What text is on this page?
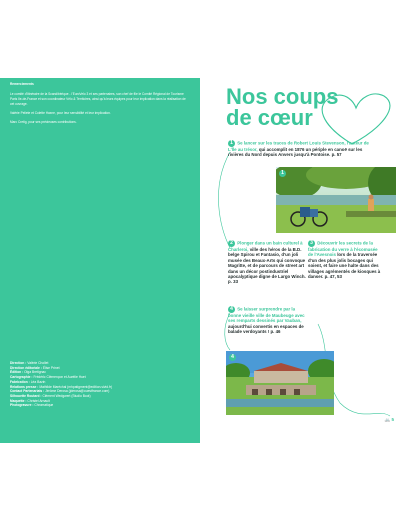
Remerciements

Le comité d'Itinéraire de la Scandibérique - l'EuroVelo 3 et ses partenaires, son chef de file le Comité Régional de Tourisme Paris Ile-de-France et son coordinateur Vélo & Territoires, ainsi qu'à leurs équipes pour leur implication dans la réalisation de cet ouvrage.

Valérie Peliete et Colette Haxne, pour leur sensibilité et leur implication.

Marc Cretig, pour ses précieuses contributions.

Direction : Valérie Chollet
Direction éditoriale : Élise Prinet
Édition : Olga Bretignac
Cartographie : Frédéric Clémençon et Aurélie Huet
Fabrication : Léa Bazin
Relations presse : Mathilde Maréchal (mhpatigment@edition-vivid.fr)
Contact Partenariats : Jérôme Derosa (jderosa@ouestfrance.com)
Silhouette Routard : Clément Wedgwert (Studio Boot)
Maquette : Christel Arnault
Photogravure : Chromatique
Nos coups
de cœur
1 Se lancer sur les traces de Robert Louis Stevenson, l'auteur de L'Île au trésor, qui accomplit en 1876 un périple en canoë sur les rivières du Nord depuis Anvers jusqu'à Pontoise. p. 57
1
2 Plonger dans un bain culturel à Charleroi, ville des héros de la B.D. belge Spirou et Fantasio, d'un joli musée des Beaux-Arts qui convoque Magritte, et de parcours de street art dans un décor postindustriel apocalyptique digne de Largo Winch. p. 33
3 Découvrir les secrets de la fabrication du verre à l'écomusée de l'Avesnois lors de la traversée d'un des plus jolis bocages qui soient, et faire une halte dans des villages agrémentés de kiosques à danser. p. 47, 53
4 Se laisser surprendre par la bonne vieille ville de Maubeuge avec ses remparts dessinés par Vauban, aujourd'hui convertis en espaces de balade verdoyants ! p. 46
4
🚲 5
